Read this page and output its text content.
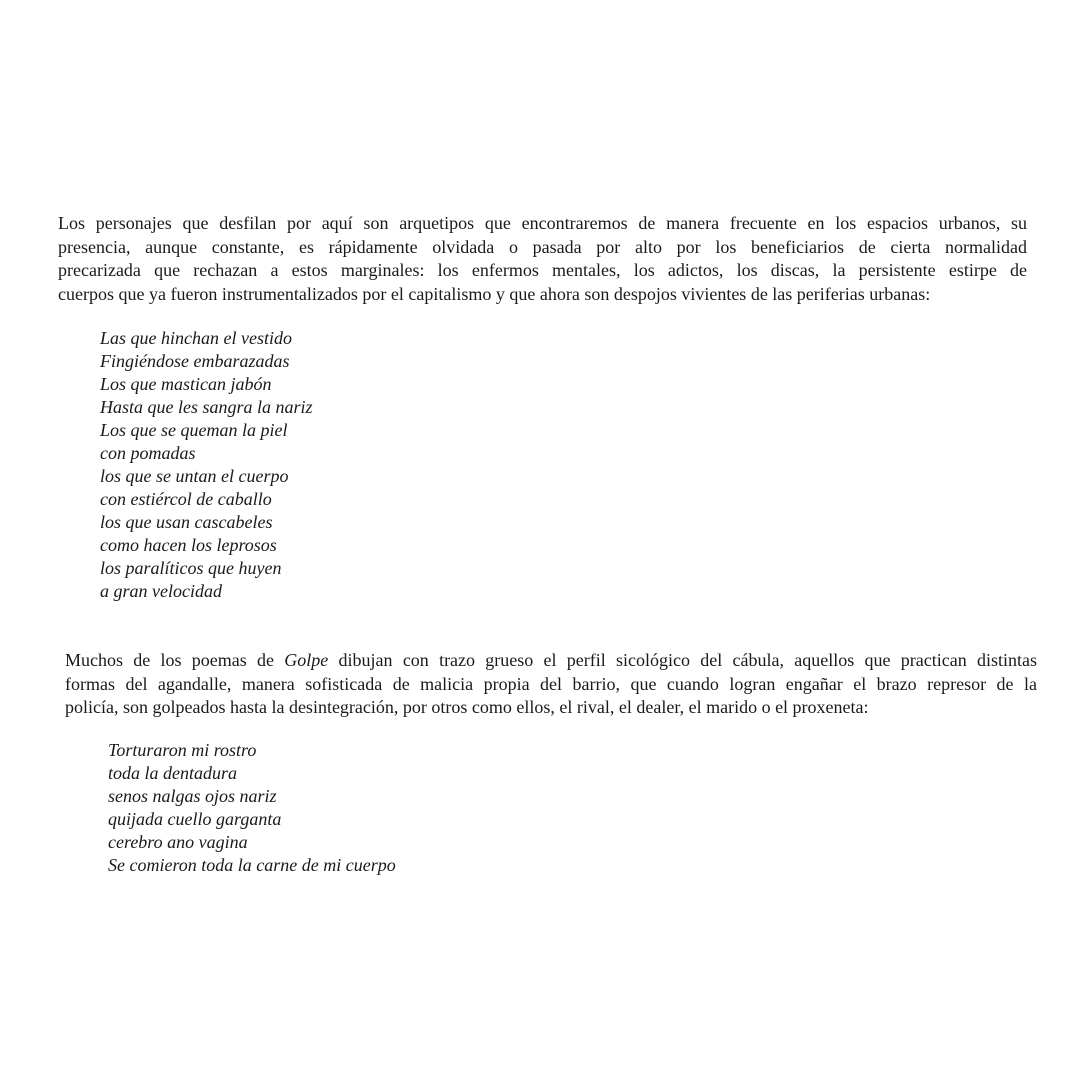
Los personajes que desfilan por aquí son arquetipos que encontraremos de manera frecuente en los espacios urbanos, su
presencia, aunque constante, es rápidamente olvidada o pasada por alto por los beneficiarios de cierta normalidad
precarizada que rechazan a estos marginales: los enfermos mentales, los adictos, los discas, la persistente estirpe de
cuerpos que ya fueron instrumentalizados por el capitalismo y que ahora son despojos vivientes de las periferias urbanas:

Las que hinchan el vestido
Fingiéndose embarazadas
Los que mastican jabón
Hasta que les sangra la nariz
Los que se queman la piel
con pomadas
los que se untan el cuerpo
con estiércol de caballo
los que usan cascabeles
como hacen los leprosos
los paralíticos que huyen
a gran velocidad

Muchos de los poemas de Golpe dibujan con trazo grueso el perfil sicológico del cábula, aquellos que practican distintas
formas del agandalle, manera sofisticada de malicia propia del barrio, que cuando logran engañar el brazo represor de la
policía, son golpeados hasta la desintegración, por otros como ellos, el rival, el dealer, el marido o el proxeneta:

Torturaron mi rostro
toda la dentadura
senos nalgas ojos nariz
quijada cuello garganta
cerebro ano vagina
Se comieron toda la carne de mi cuerpo
